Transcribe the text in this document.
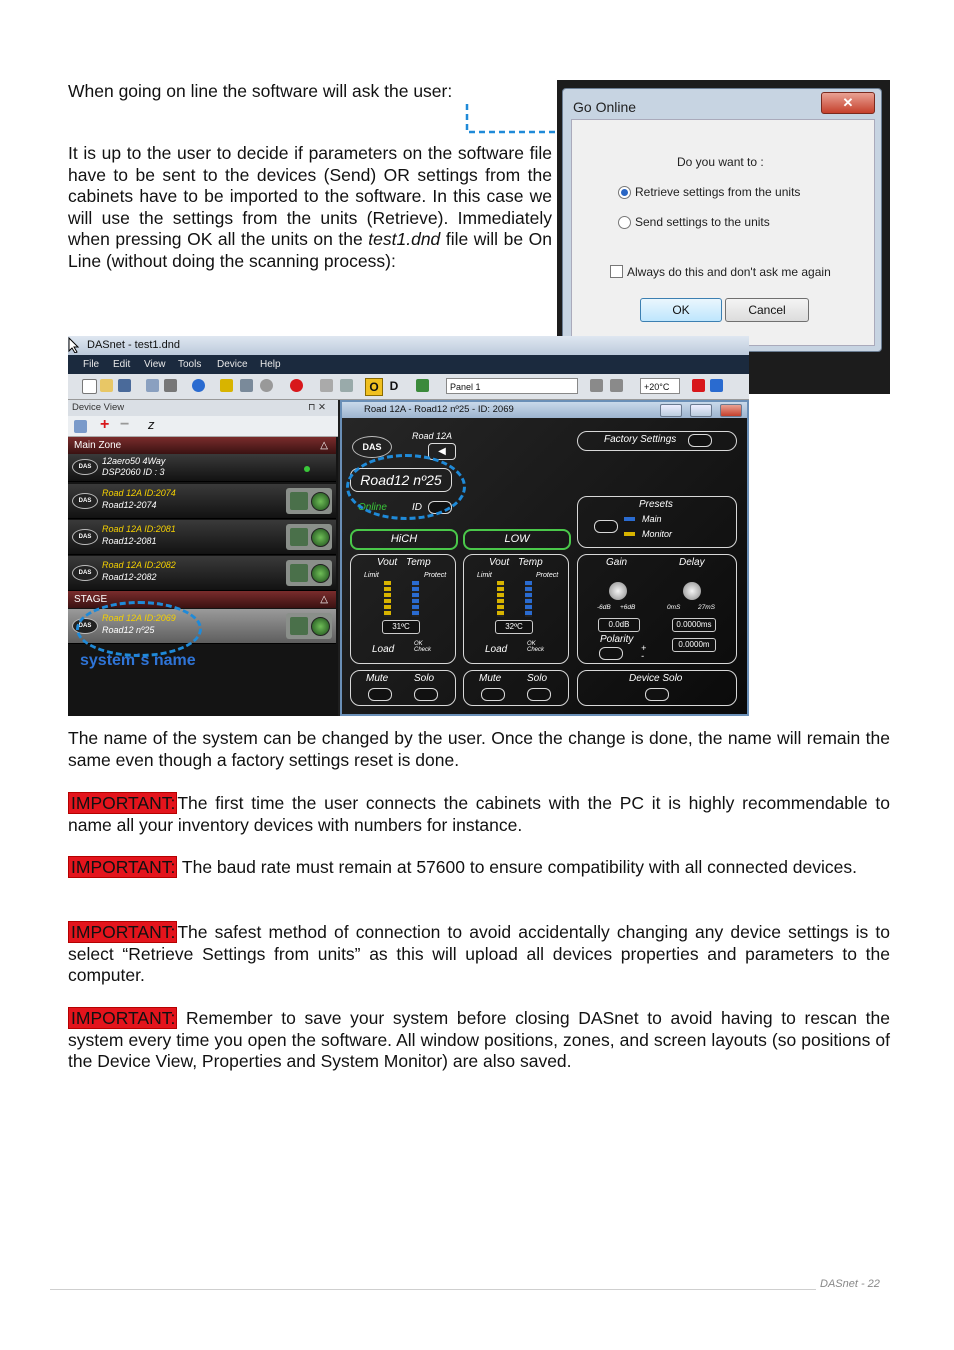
When going on line the software will ask the user:
It is up to the user to decide if parameters on the software file have to be sent to the devices (Send) OR settings from the cabinets have to be imported to the software. In this case we will use the settings from the units (Retrieve). Immediately when pressing OK all the units on the test1.dnd file will be On Line (without doing the scanning process):
Go Online	✕
Do you want to :
Retrieve settings from the units
Send settings to the units
Always do this and don't ask me again
OK	Cancel
DASnet - test1.dnd
File Edit View Tools Device Help
O D	Panel 1	+20°C
Device View	⊓ ✕
+ − z
Main Zone	△
DAS
12aero50 4Way
DSP2060 ID : 3
DAS
Road 12A ID:2074
Road12-2074
DAS
Road 12A ID:2081
Road12-2081
DAS
Road 12A ID:2082
Road12-2082
STAGE	△
DAS
Road 12A ID:2069
Road12 nº25
Road 12A - Road12 nº25 - ID: 2069
DAS
Road 12A
◀
Road12 nº25
Online	ID
Factory Settings
Presets
Main
Monitor
HiCH	LOW
Vout Temp
Limit	Protect
31ºC
Load	OK Check
Vout Temp
Limit	Protect
32ºC
Load	OK Check
Gain	Delay
-6dB +6dB	0mS	27mS
0.0dB	0.0000ms
0.0000m
Polarity
+
-
Mute	Solo	Mute	Solo	Device Solo
system´s name
The name of the system can be changed by the user. Once the change is done, the name will remain the same even though a factory settings reset is done.
IMPORTANT: The first time the user connects the cabinets with the PC it is highly recommendable to name all your inventory devices with numbers for instance.
IMPORTANT: The baud rate must remain at 57600 to ensure compatibility with all connected devices.
IMPORTANT: The safest method of connection to avoid accidentally changing any device settings is to select “Retrieve Settings from units” as this will upload all devices properties and parameters to the computer.
IMPORTANT: Remember to save your system before closing DASnet to avoid having to rescan the system every time you open the software. All window positions, zones, and screen layouts (so positions of the Device View, Properties and System Monitor) are also saved.
DASnet - 22
